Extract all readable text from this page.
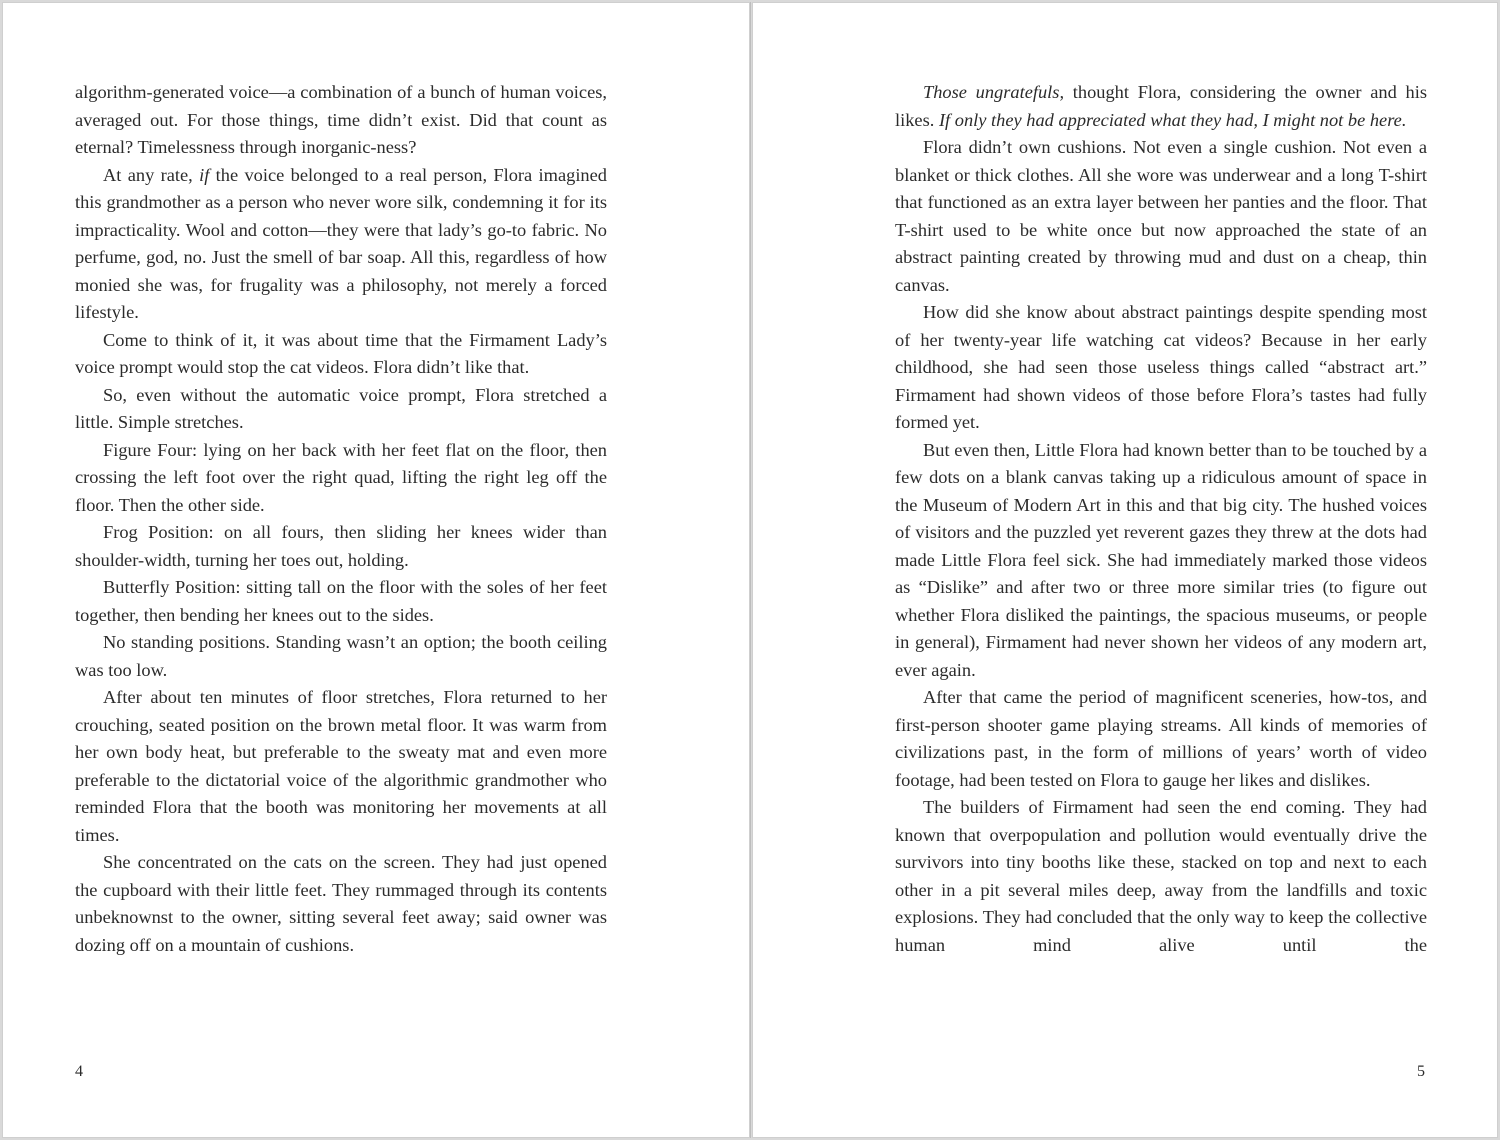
algorithm-generated voice—a combination of a bunch of human voices, averaged out. For those things, time didn’t exist. Did that count as eternal? Timelessness through inorganic-ness?

At any rate, if the voice belonged to a real person, Flora imagined this grandmother as a person who never wore silk, condemning it for its impracticality. Wool and cotton—they were that lady’s go-to fabric. No perfume, god, no. Just the smell of bar soap. All this, regardless of how monied she was, for frugality was a philosophy, not merely a forced lifestyle.

Come to think of it, it was about time that the Firmament Lady’s voice prompt would stop the cat videos. Flora didn’t like that.

So, even without the automatic voice prompt, Flora stretched a little. Simple stretches.

Figure Four: lying on her back with her feet flat on the floor, then crossing the left foot over the right quad, lifting the right leg off the floor. Then the other side.

Frog Position: on all fours, then sliding her knees wider than shoulder-width, turning her toes out, holding.

Butterfly Position: sitting tall on the floor with the soles of her feet together, then bending her knees out to the sides.

No standing positions. Standing wasn’t an option; the booth ceiling was too low.

After about ten minutes of floor stretches, Flora returned to her crouching, seated position on the brown metal floor. It was warm from her own body heat, but preferable to the sweaty mat and even more preferable to the dictatorial voice of the algorithmic grandmother who reminded Flora that the booth was monitoring her movements at all times.

She concentrated on the cats on the screen. They had just opened the cupboard with their little feet. They rummaged through its contents unbeknownst to the owner, sitting several feet away; said owner was dozing off on a mountain of cushions.

4

Those ungratefuls, thought Flora, considering the owner and his likes. If only they had appreciated what they had, I might not be here.

Flora didn’t own cushions. Not even a single cushion. Not even a blanket or thick clothes. All she wore was underwear and a long T-shirt that functioned as an extra layer between her panties and the floor. That T-shirt used to be white once but now approached the state of an abstract painting created by throwing mud and dust on a cheap, thin canvas.

How did she know about abstract paintings despite spending most of her twenty-year life watching cat videos? Because in her early childhood, she had seen those useless things called “abstract art.” Firmament had shown videos of those before Flora’s tastes had fully formed yet.

But even then, Little Flora had known better than to be touched by a few dots on a blank canvas taking up a ridiculous amount of space in the Museum of Modern Art in this and that big city. The hushed voices of visitors and the puzzled yet reverent gazes they threw at the dots had made Little Flora feel sick. She had immediately marked those videos as “Dislike” and after two or three more similar tries (to figure out whether Flora disliked the paintings, the spacious museums, or people in general), Firmament had never shown her videos of any modern art, ever again.

After that came the period of magnificent sceneries, how-tos, and first-person shooter game playing streams. All kinds of memories of civilizations past, in the form of millions of years’ worth of video footage, had been tested on Flora to gauge her likes and dislikes.

The builders of Firmament had seen the end coming. They had known that overpopulation and pollution would eventually drive the survivors into tiny booths like these, stacked on top and next to each other in a pit several miles deep, away from the landfills and toxic explosions. They had concluded that the only way to keep the collective human mind alive until the

5
